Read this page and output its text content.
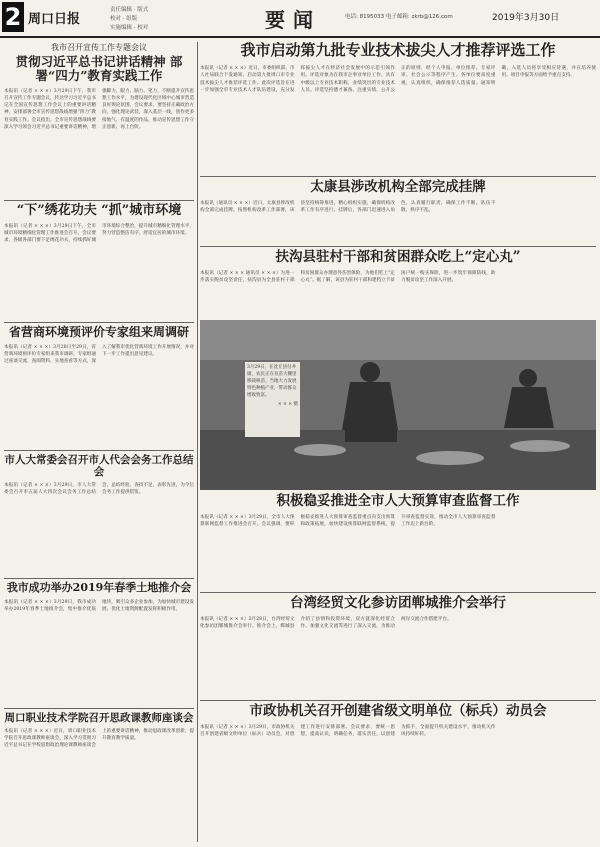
2 周口日报
责任编辑 · 版式
校对 · 组版
实施编辑 · 校对	要闻	电话: 8195033 电子邮箱: zkrb@126.com	2019年3月30日
我市召开宣传工作专题会议
贯彻习近平总书记讲话精神 部署“四力”教育实践工作
本报讯（记者 × × ×）3月29日下午，我市召开宣传工作专题会议，传达学习习近平总书记在全国宣传思想工作会议上的重要讲话精神，安排部署全市宣传思想战线增强“四力”教育实践工作。会议指出，全市宣传思想战线要深入学习领会习近平总书记重要讲话精神，增强脚力、眼力、脑力、笔力，不断提升宣传思想工作水平，为建设现代化区域中心城市营造良好舆论氛围。会议要求，要坚持正确政治方向，强化理论武装，深入基层一线，创作更多接地气、有温度的作品，推动宣传思想工作守正创新、再上台阶。
“下”绣花功夫 “抓”城市环境
本报讯（记者 × × ×）3月29日下午，全市城市环境精细化管理工作推进会召开。会议要求，各级各部门要下足绣花功夫，持续抓好城市环境综合整治，提升城市精细化管理水平，努力营造整洁有序、舒适宜居的城市环境。
省营商环境预评价专家组来周调研
本报讯（记者 × × ×）3月28日至29日，省营商环境预评价专家组来我市调研。专家组通过座谈交流、查阅资料、实地查看等方式，深入了解我市优化营商环境工作开展情况，并对下一步工作提出意见建议。
市人大常委会召开市人代会会务工作总结会
本报讯（记者 × × ×）3月29日，市人大常委会召开市五届人大四次会议会务工作总结会，总结经验，查找不足，表彰先进，为今后会务工作提供借鉴。
我市成功举办2019年春季土地推介会
本报讯（记者 × × ×）3月29日，我市成功举办2019年春季土地推介会，集中推介优质地块，吸引众多企业参加，为加快城市建设发展、优化土地资源配置发挥积极作用。
周口职业技术学院召开思政课教师座谈会
本报讯（记者 × × ×）近日，周口职业技术学院召开思政课教师座谈会，深入学习贯彻习近平总书记在学校思想政治理论课教师座谈会上的重要讲话精神，推动思政课改革创新，提升教育教学质量。
我市启动第九批专业技术拔尖人才推荐评选工作
本报讯（记者 × × ×）近日，市委组织部、市人社局联合下发通知，启动第九批周口市专业技术拔尖人才推荐评选工作。此次评选旨在进一步加强全市专业技术人才队伍建设，充分发挥拔尖人才在经济社会发展中的示范引领作用。评选对象为在我市企事业单位工作、具有中级以上专业技术职称、业绩突出的专业技术人员。评选坚持德才兼备、注重实绩、公开公正的原则，经个人申报、单位推荐、专家评审、社会公示等程序产生。各单位要高度重视，认真组织，确保推荐人选质量。通知明确，入选人员将享受相应待遇，并在培养使用、项目申报等方面给予重点支持。
太康县涉改机构全部完成挂牌
本报讯（通讯员 × × ×）近日，太康县涉改机构全部完成挂牌。按照机构改革工作部署，该县坚持统筹推进，精心组织实施，确保机构改革工作有序进行。挂牌后，各部门迅速进入角色，认真履行职责，确保工作不断、队伍不散、秩序不乱。
扶沟县驻村干部和贫困群众吃上“定心丸”
本报讯（记者 × × × 通讯员 × × ×）为进一步落实脱贫攻坚责任，扶沟县为全县驻村干部和贫困群众办理意外伤害保险，为他们吃上“定心丸”。据了解，该县为驻村干部和建档立卡贫困户统一购买保险，进一步筑牢保障防线，助力脱贫攻坚工作深入开展。
3月29日，在沈丘县付井镇，农民正在育苗大棚里移栽秧苗。当地大力发展特色种植产业，带动群众增收致富。
× × × 摄
积极稳妥推进全市人大预算审查监督工作
本报讯（记者 × × ×）3月29日，全市人大预算联网监督工作推进会召开。会议强调，要积极稳妥推进人大预算审查监督重点向支出预算和政策拓展，加快建设预算联网监督系统，提升审查监督实效，推动全市人大预算审查监督工作迈上新台阶。
台湾经贸文化参访团郸城推介会举行
本报讯（记者 × × ×）3月28日，台湾经贸文化参访团郸城推介会举行。推介会上，郸城县介绍了县情和投资环境，双方就深化经贸合作、加强文化交流等进行了深入交流，为推动两岸交流合作搭建平台。
市政协机关召开创建省级文明单位（标兵）动员会
本报讯（记者 × × ×）3月29日，市政协机关召开创建省级文明单位（标兵）动员会，对创建工作进行安排部署。会议要求，要统一思想，提高认识，明确任务，落实责任，以创建为抓手，全面提升机关建设水平，推动机关作风持续好转。
